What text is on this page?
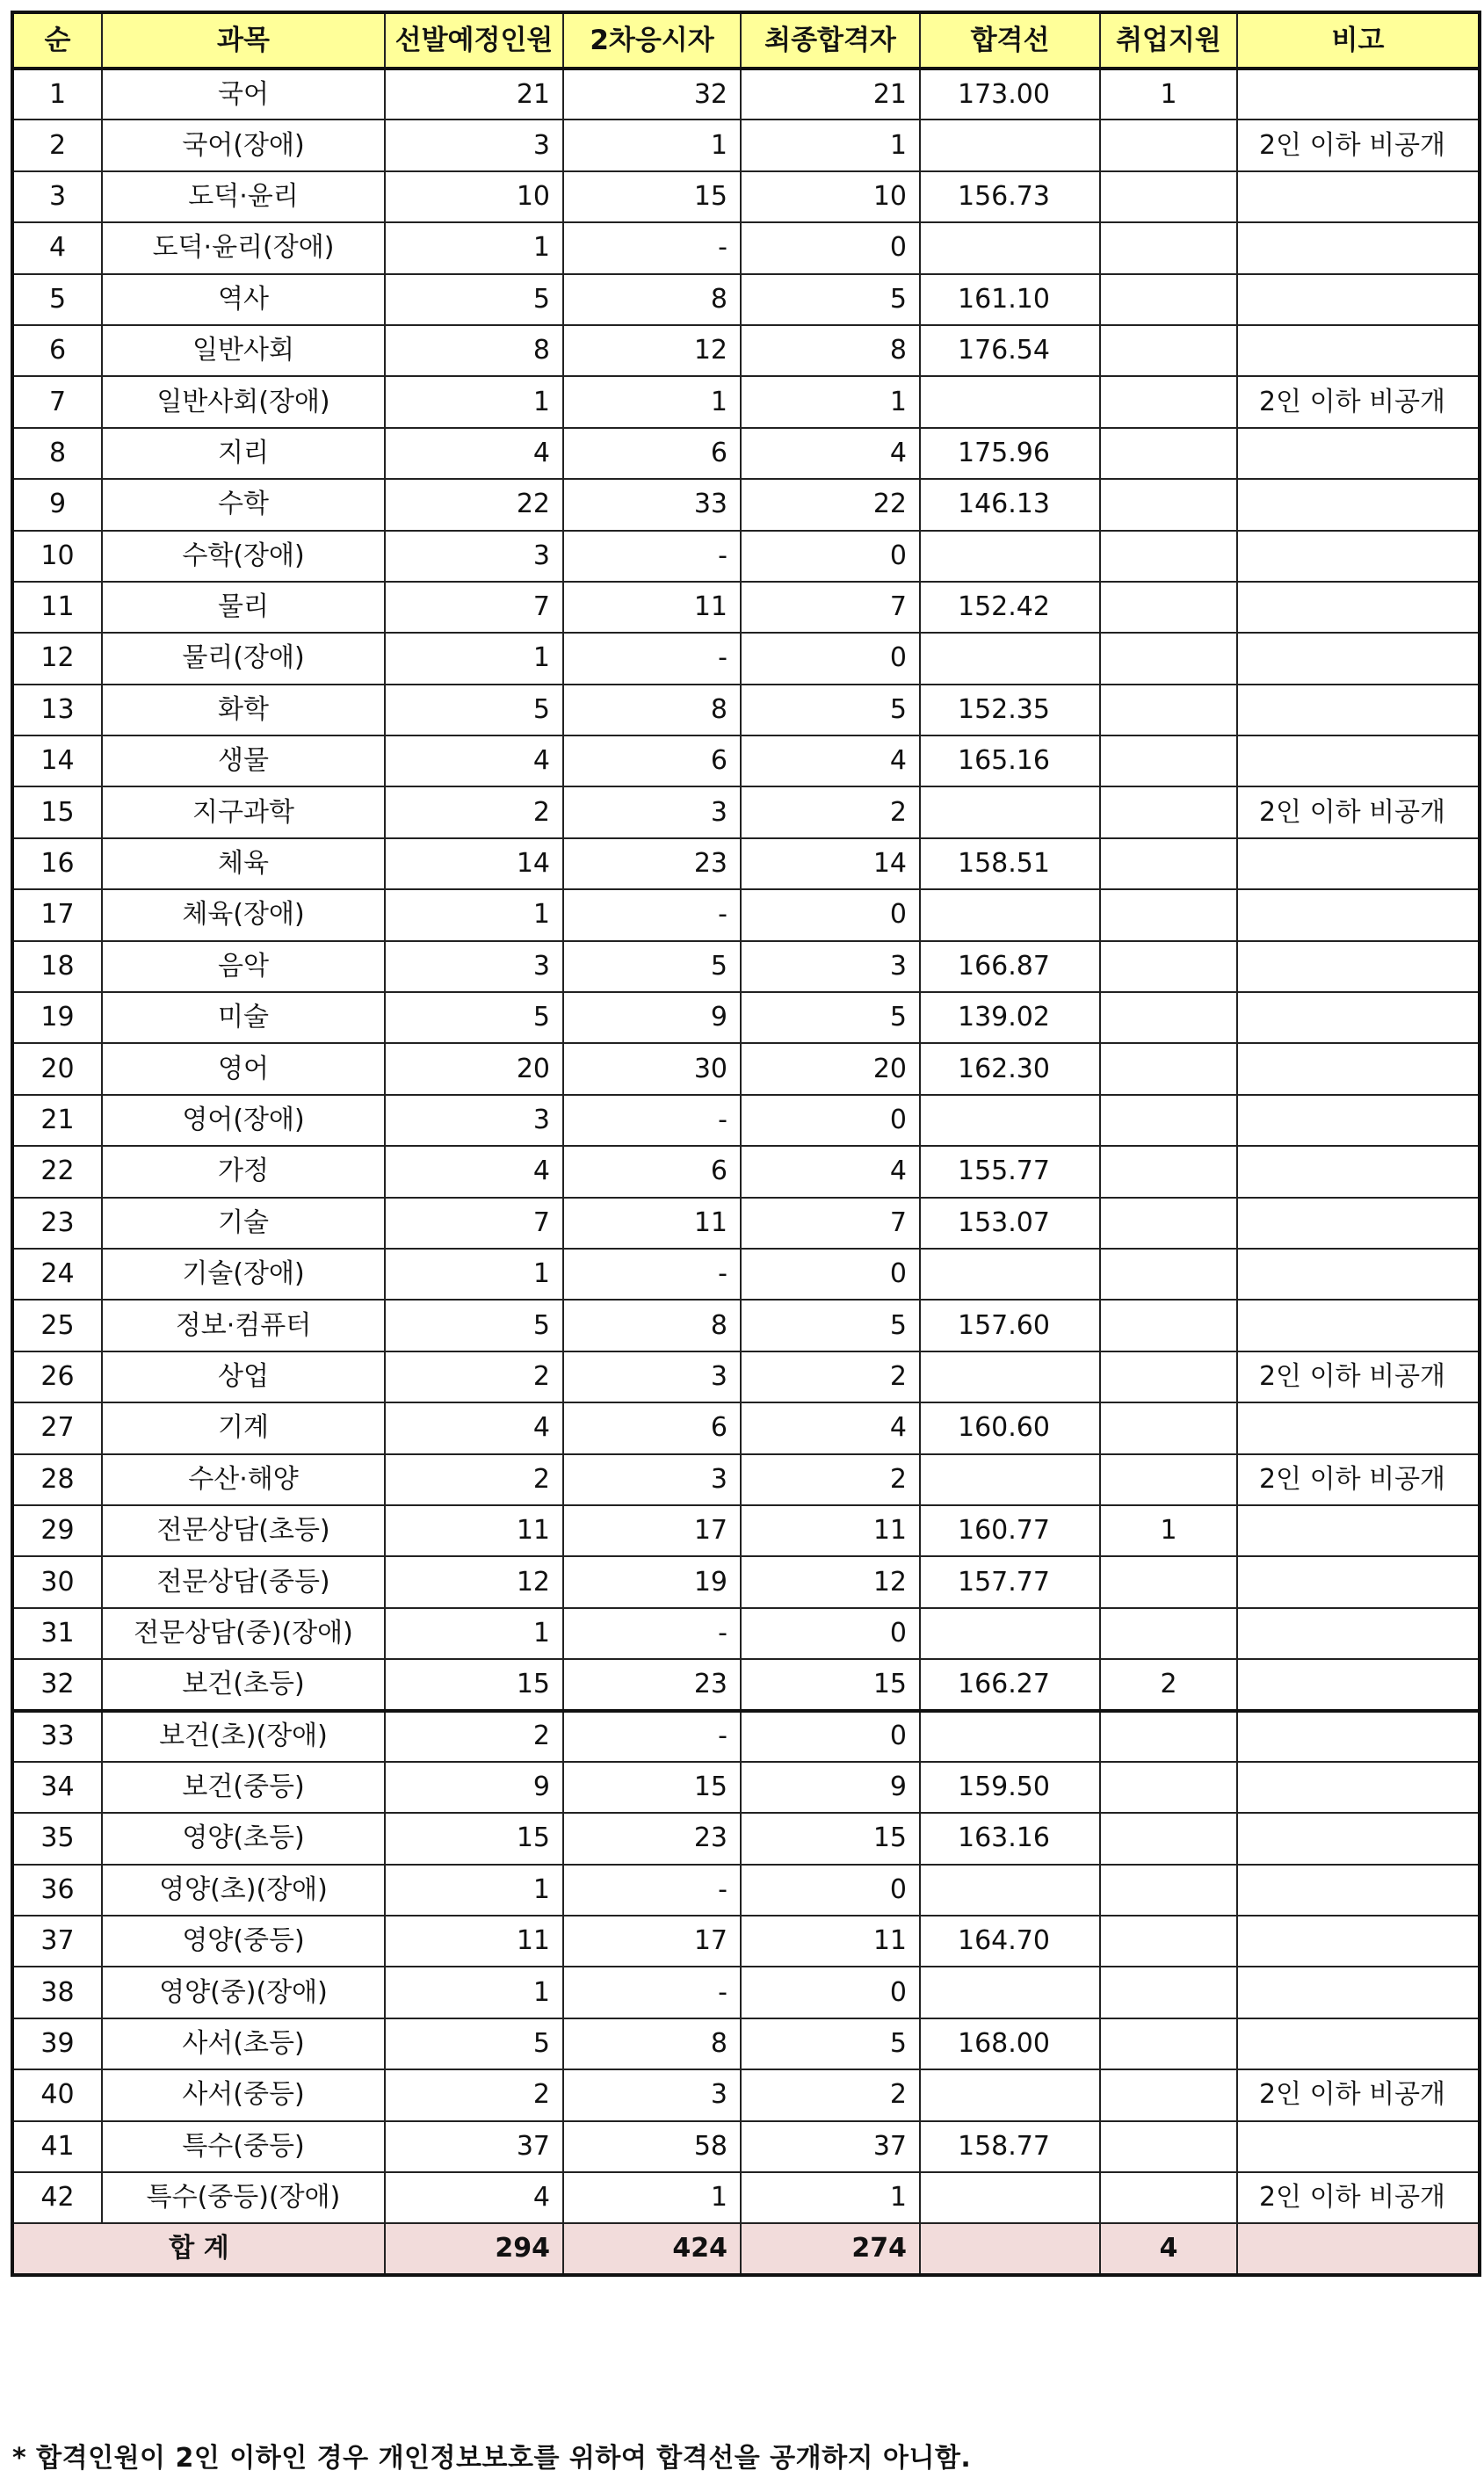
순	과목	선발예정인원	2차응시자	최종합격자	합격선	취업지원	비고
1	국어	21	32	21	173.00	1	
2	국어(장애)	3	1	1			2인 이하 비공개
3	도덕·윤리	10	15	10	156.73		
4	도덕·윤리(장애)	1	-	0			
5	역사	5	8	5	161.10		
6	일반사회	8	12	8	176.54		
7	일반사회(장애)	1	1	1			2인 이하 비공개
8	지리	4	6	4	175.96		
9	수학	22	33	22	146.13		
10	수학(장애)	3	-	0			
11	물리	7	11	7	152.42		
12	물리(장애)	1	-	0			
13	화학	5	8	5	152.35		
14	생물	4	6	4	165.16		
15	지구과학	2	3	2			2인 이하 비공개
16	체육	14	23	14	158.51		
17	체육(장애)	1	-	0			
18	음악	3	5	3	166.87		
19	미술	5	9	5	139.02		
20	영어	20	30	20	162.30		
21	영어(장애)	3	-	0			
22	가정	4	6	4	155.77		
23	기술	7	11	7	153.07		
24	기술(장애)	1	-	0			
25	정보·컴퓨터	5	8	5	157.60		
26	상업	2	3	2			2인 이하 비공개
27	기계	4	6	4	160.60		
28	수산·해양	2	3	2			2인 이하 비공개
29	전문상담(초등)	11	17	11	160.77	1	
30	전문상담(중등)	12	19	12	157.77		
31	전문상담(중)(장애)	1	-	0			
32	보건(초등)	15	23	15	166.27	2	
33	보건(초)(장애)	2	-	0			
34	보건(중등)	9	15	9	159.50		
35	영양(초등)	15	23	15	163.16		
36	영양(초)(장애)	1	-	0			
37	영양(중등)	11	17	11	164.70		
38	영양(중)(장애)	1	-	0			
39	사서(초등)	5	8	5	168.00		
40	사서(중등)	2	3	2			2인 이하 비공개
41	특수(중등)	37	58	37	158.77		
42	특수(중등)(장애)	4	1	1			2인 이하 비공개
합 계		294	424	274		4	
* 합격인원이 2인 이하인 경우 개인정보보호를 위하여 합격선을 공개하지 아니함.
